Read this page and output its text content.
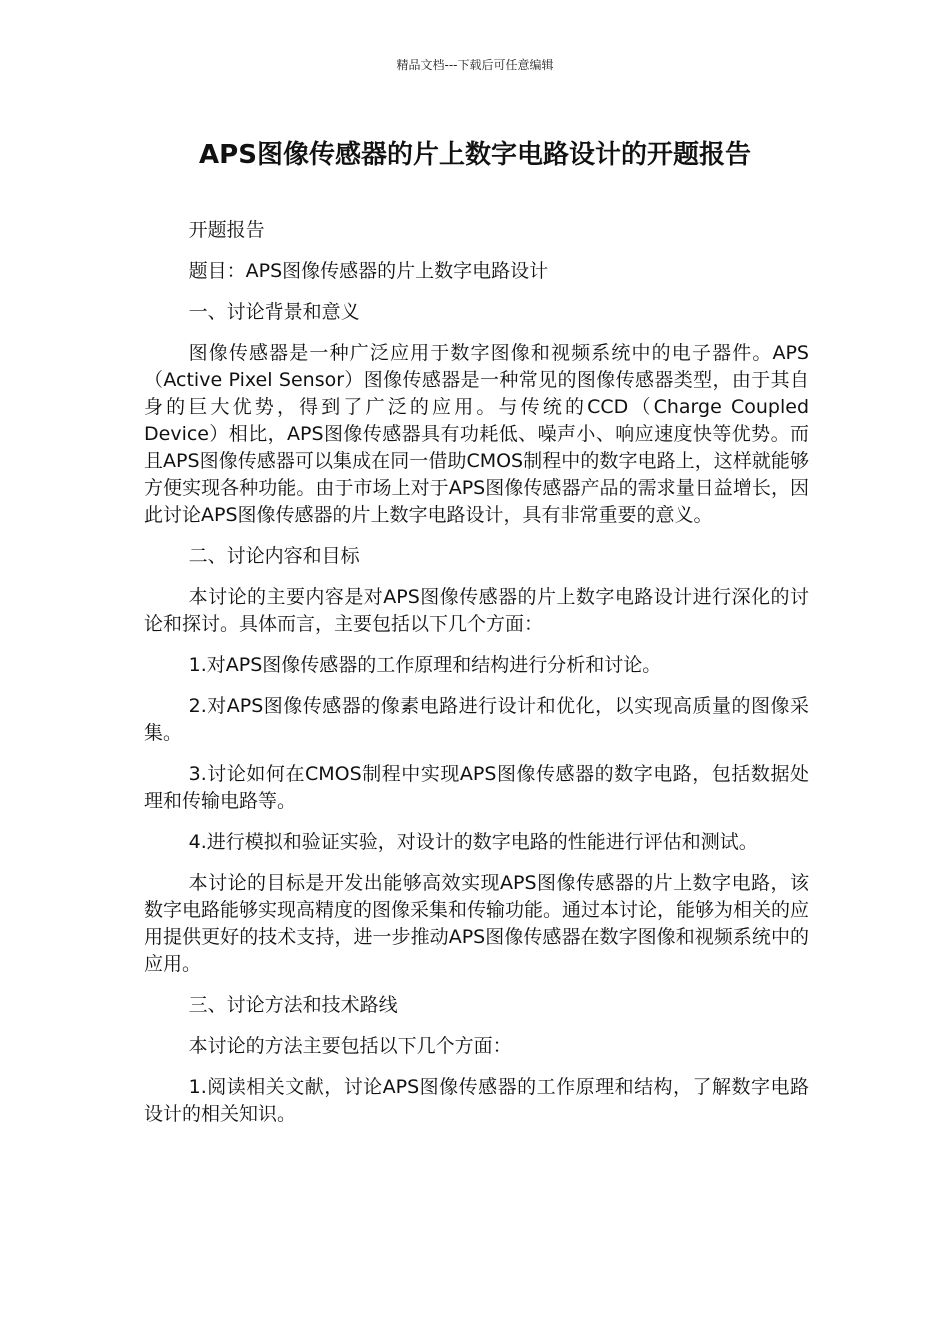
精品文档---下载后可任意编辑
APS图像传感器的片上数字电路设计的开题报告

开题报告

题目：APS图像传感器的片上数字电路设计

一、讨论背景和意义

图像传感器是一种广泛应用于数字图像和视频系统中的电子器件。APS（Active Pixel Sensor）图像传感器是一种常见的图像传感器类型，由于其自身的巨大优势，得到了广泛的应用。与传统的CCD（Charge Coupled Device）相比，APS图像传感器具有功耗低、噪声小、响应速度快等优势。而且APS图像传感器可以集成在同一借助CMOS制程中的数字电路上，这样就能够方便实现各种功能。由于市场上对于APS图像传感器产品的需求量日益增长，因此讨论APS图像传感器的片上数字电路设计，具有非常重要的意义。

二、讨论内容和目标

本讨论的主要内容是对APS图像传感器的片上数字电路设计进行深化的讨论和探讨。具体而言，主要包括以下几个方面：

1.对APS图像传感器的工作原理和结构进行分析和讨论。

2.对APS图像传感器的像素电路进行设计和优化，以实现高质量的图像采集。

3.讨论如何在CMOS制程中实现APS图像传感器的数字电路，包括数据处理和传输电路等。

4.进行模拟和验证实验，对设计的数字电路的性能进行评估和测试。

本讨论的目标是开发出能够高效实现APS图像传感器的片上数字电路，该数字电路能够实现高精度的图像采集和传输功能。通过本讨论，能够为相关的应用提供更好的技术支持，进一步推动APS图像传感器在数字图像和视频系统中的应用。

三、讨论方法和技术路线

本讨论的方法主要包括以下几个方面：

1.阅读相关文献，讨论APS图像传感器的工作原理和结构，了解数字电路设计的相关知识。
